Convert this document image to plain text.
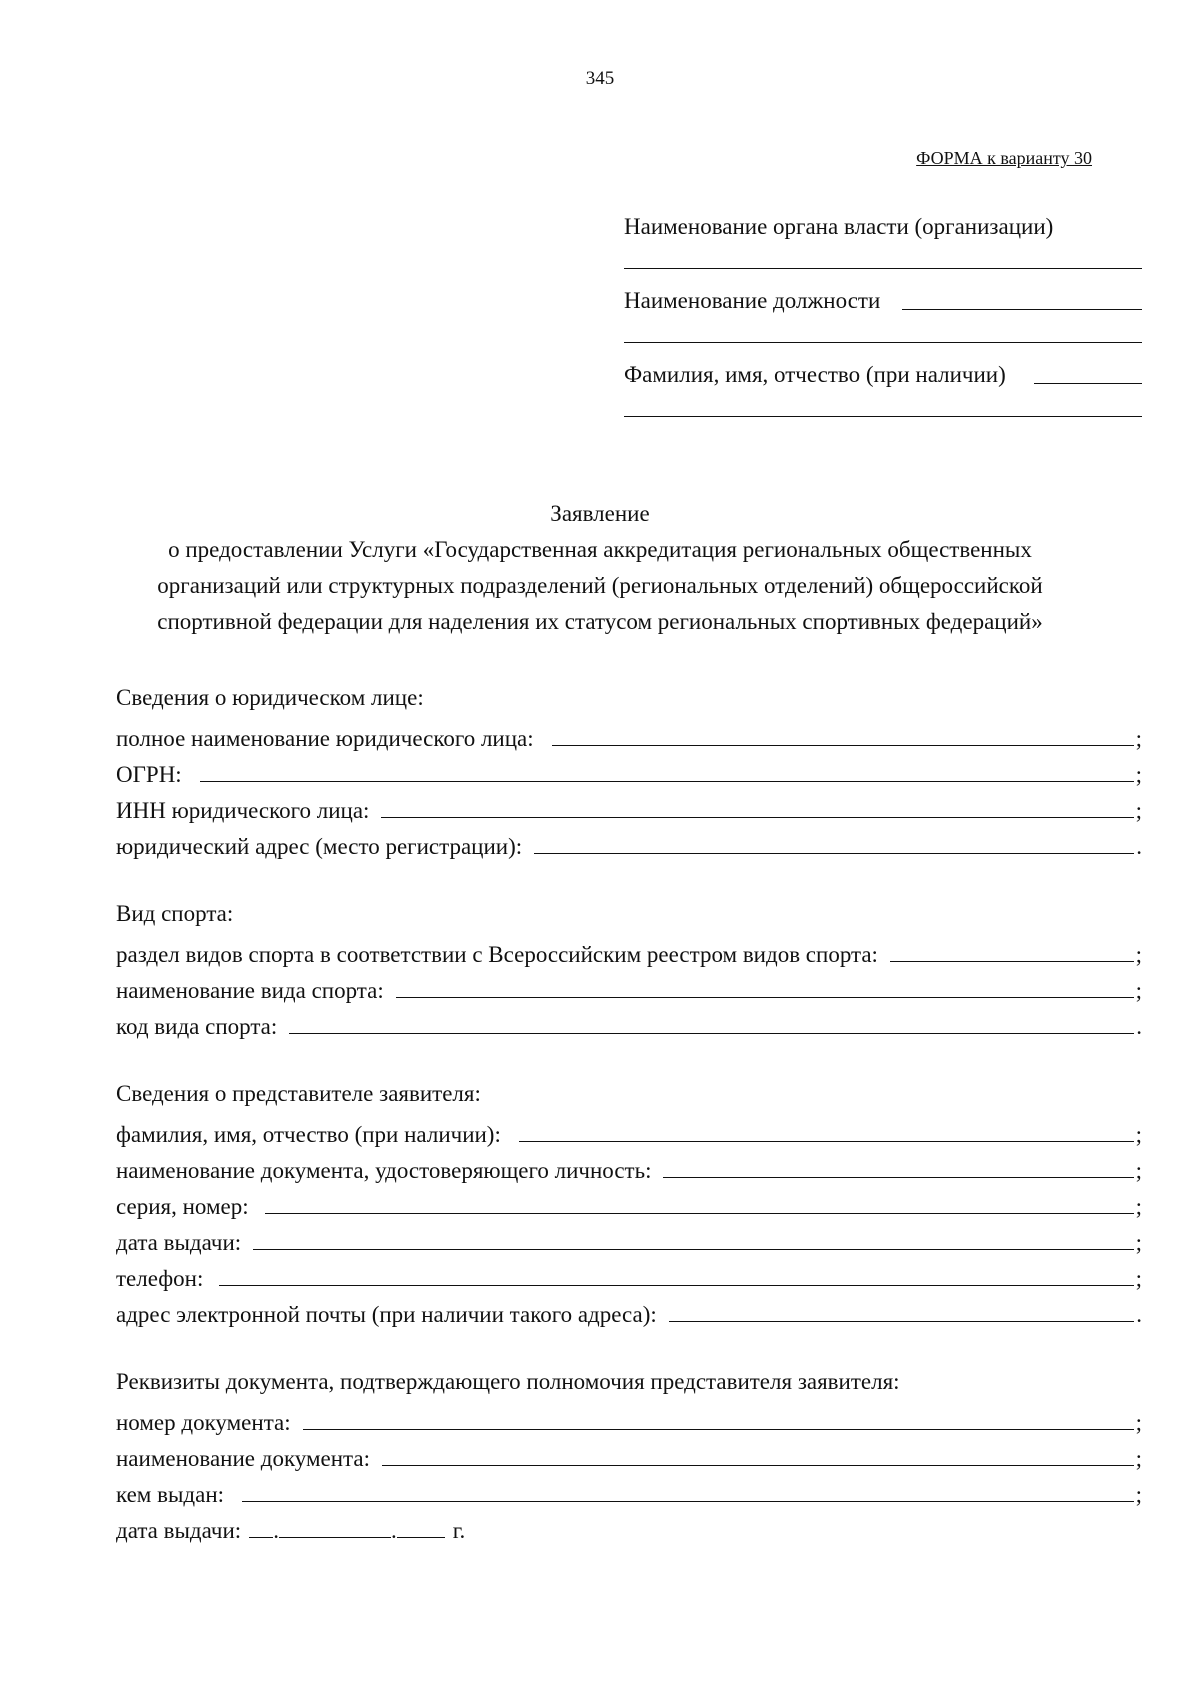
345
ФОРМА к варианту 30
Наименование органа власти (организации)
Наименование должности
Фамилия, имя, отчество (при наличии)
Заявление
о предоставлении Услуги «Государственная аккредитация региональных общественных
организаций или структурных подразделений (региональных отделений) общероссийской
спортивной федерации для наделения их статусом региональных спортивных федераций»
Сведения о юридическом лице:
полное наименование юридического лица:	;
ОГРН:	;
ИНН юридического лица:	;
юридический адрес (место регистрации):	.
Вид спорта:
раздел видов спорта в соответствии с Всероссийским реестром видов спорта:	;
наименование вида спорта:	;
код вида спорта:	.
Сведения о представителе заявителя:
фамилия, имя, отчество (при наличии):	;
наименование документа, удостоверяющего личность:	;
серия, номер:	;
дата выдачи:	;
телефон:	;
адрес электронной почты (при наличии такого адреса):	.
Реквизиты документа, подтверждающего полномочия представителя заявителя:
номер документа:	;
наименование документа:	;
кем выдан:	;
дата выдачи: .	. г.
